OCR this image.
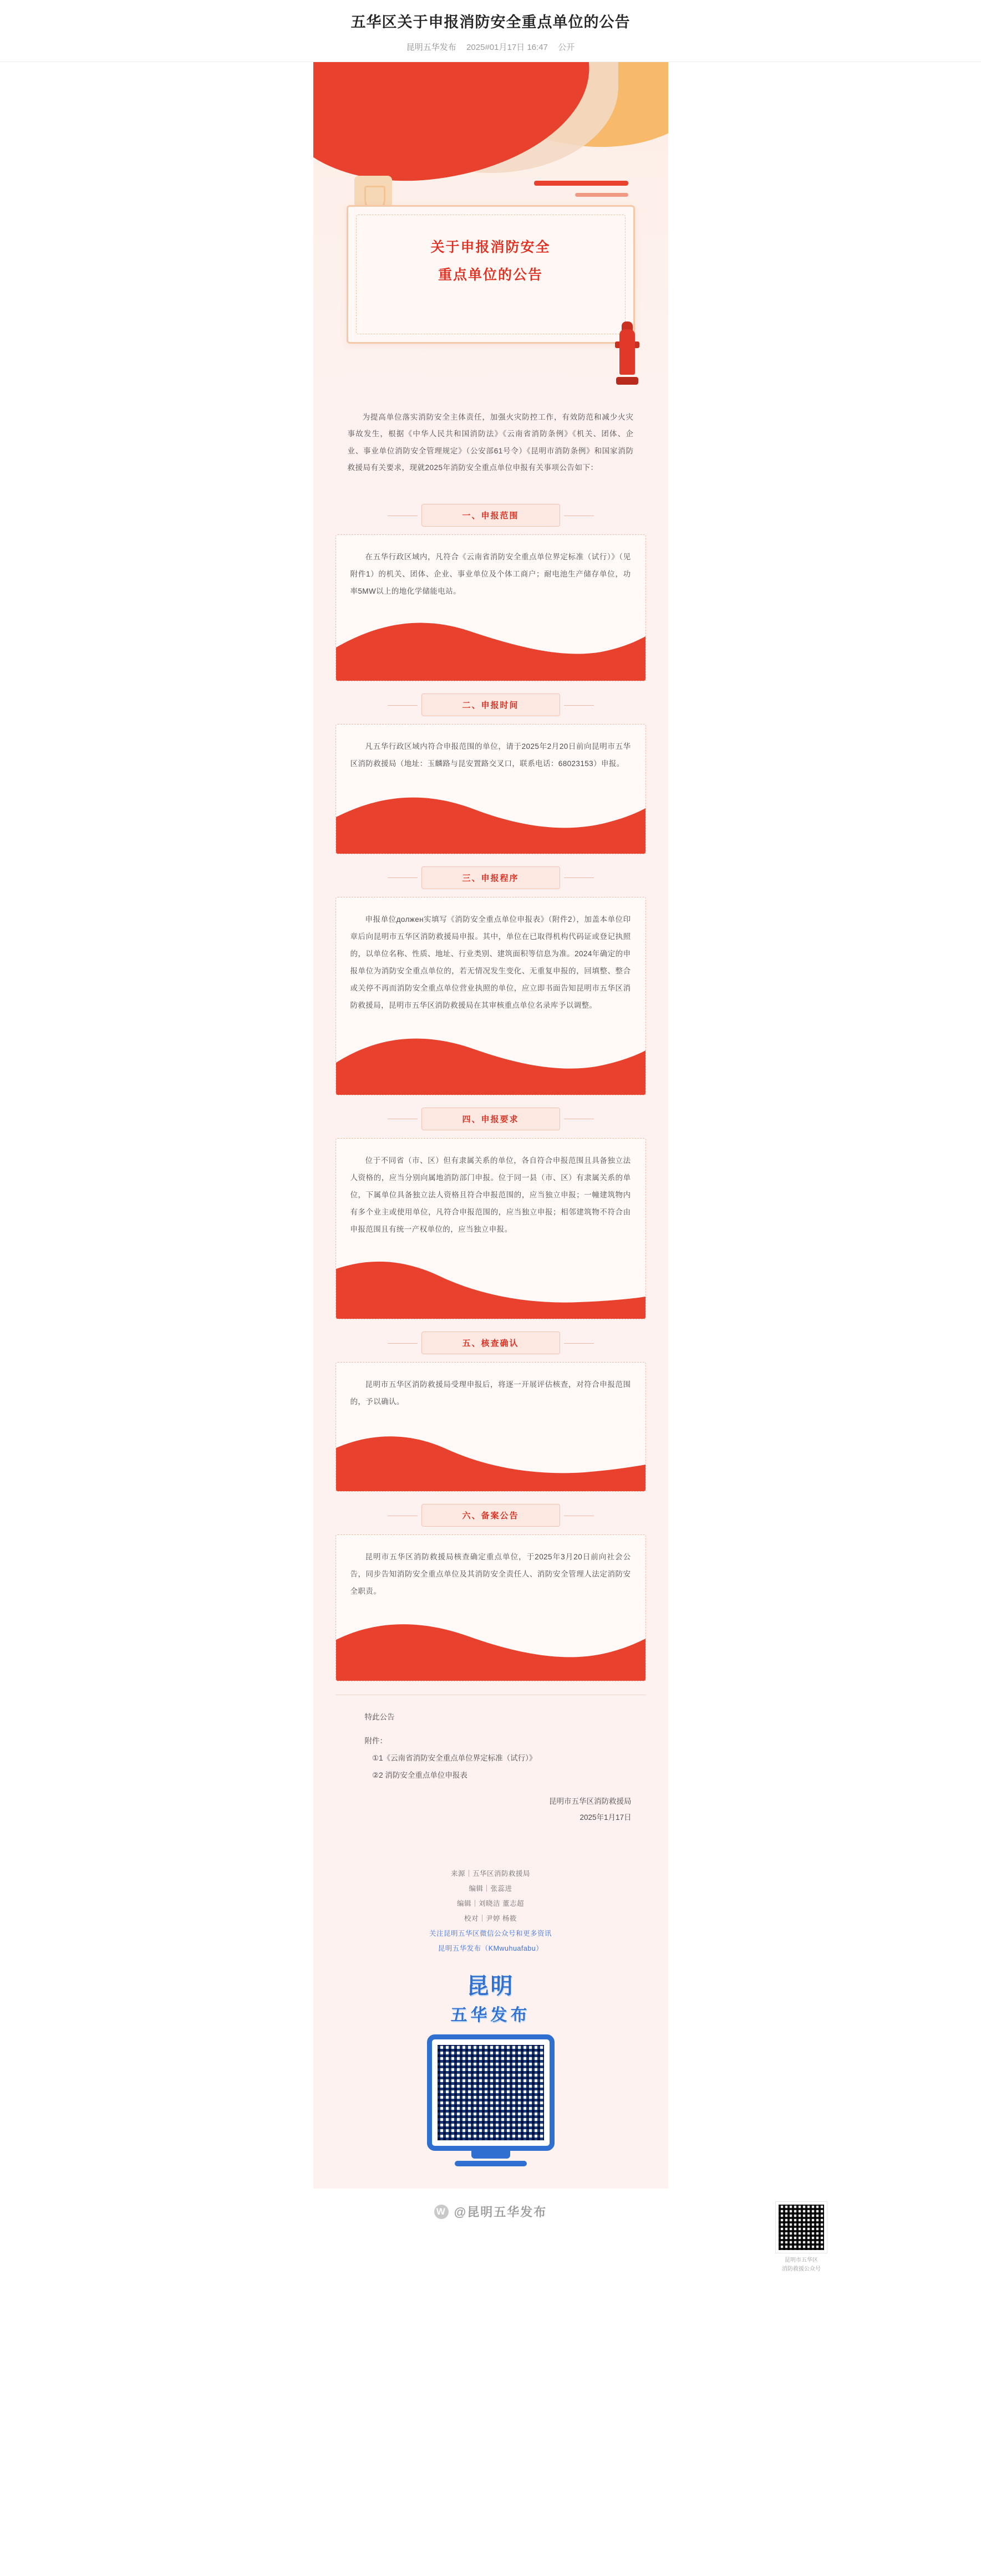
五华区关于申报消防安全重点单位的公告
昆明五华发布 2025#01月17日 16:47 公开
关于申报消防安全
重点单位的公告

为提高单位落实消防安全主体责任，加强火灾防控工作，有效防范和减少火灾事故发生，根据《中华人民共和国消防法》《云南省消防条例》《机关、团体、企业、事业单位消防安全管理规定》（公安部61号令）《昆明市消防条例》和国家消防救援局有关要求，现就2025年消防安全重点单位申报有关事项公告如下：

一、申报范围

在五华行政区域内，凡符合《云南省消防安全重点单位界定标准（试行）》（见附件1）的机关、团体、企业、事业单位及个体工商户；耐电池生产储存单位，功率5MW以上的地化学储能电站。

二、申报时间

凡五华行政区域内符合申报范围的单位，请于2025年2月20日前向昆明市五华区消防救援局（地址：玉麟路与昆安置路交叉口，联系电话：68023153）申报。

三、申报程序

申报单位должен实填写《消防安全重点单位申报表》（附件2），加盖本单位印章后向昆明市五华区消防救援局申报。其中，单位在已取得机构代码证或登记执照的，以单位名称、性质、地址、行业类别、建筑面积等信息为准。2024年确定的申报单位为消防安全重点单位的，若无情况发生变化、无重复申报的，回填整、整合或关停不再而消防安全重点单位营业执照的单位，应立即书面告知昆明市五华区消防救援局，昆明市五华区消防救援局在其审核重点单位名录库予以调整。

四、申报要求

位于不同省（市、区）但有隶属关系的单位，各自符合申报范围且具备独立法人资格的，应当分别向属地消防部门申报。位于同一县（市、区）有隶属关系的单位，下属单位具备独立法人资格且符合申报范围的，应当独立申报；一幢建筑物内有多个业主或使用单位，凡符合申报范围的，应当独立申报；相邻建筑物不符合由申报范围且有统一产权单位的，应当独立申报。

五、核查确认

昆明市五华区消防救援局受理申报后，将逐一开展评估核查，对符合申报范围的，予以确认。

六、备案公告

昆明市五华区消防救援局核查确定重点单位，于2025年3月20日前向社会公告，同步告知消防安全重点单位及其消防安全责任人、消防安全管理人法定消防安全职责。

特此公告
附件：
①1《云南省消防安全重点单位界定标准（试行）》
②2 消防安全重点单位申报表
昆明市五华区消防救援局
2025年1月17日
来源｜五华区消防救援局
编辑｜张蕊进
编辑｜刘晓洁 董志超
校对｜尹婷 杨筱
关注昆明五华区微信公众号和更多资讯
昆明五华发布（KMwuhuafabu）
昆明
五华发布
昆明市五华区
消防救援公众号
W @昆明五华发布
